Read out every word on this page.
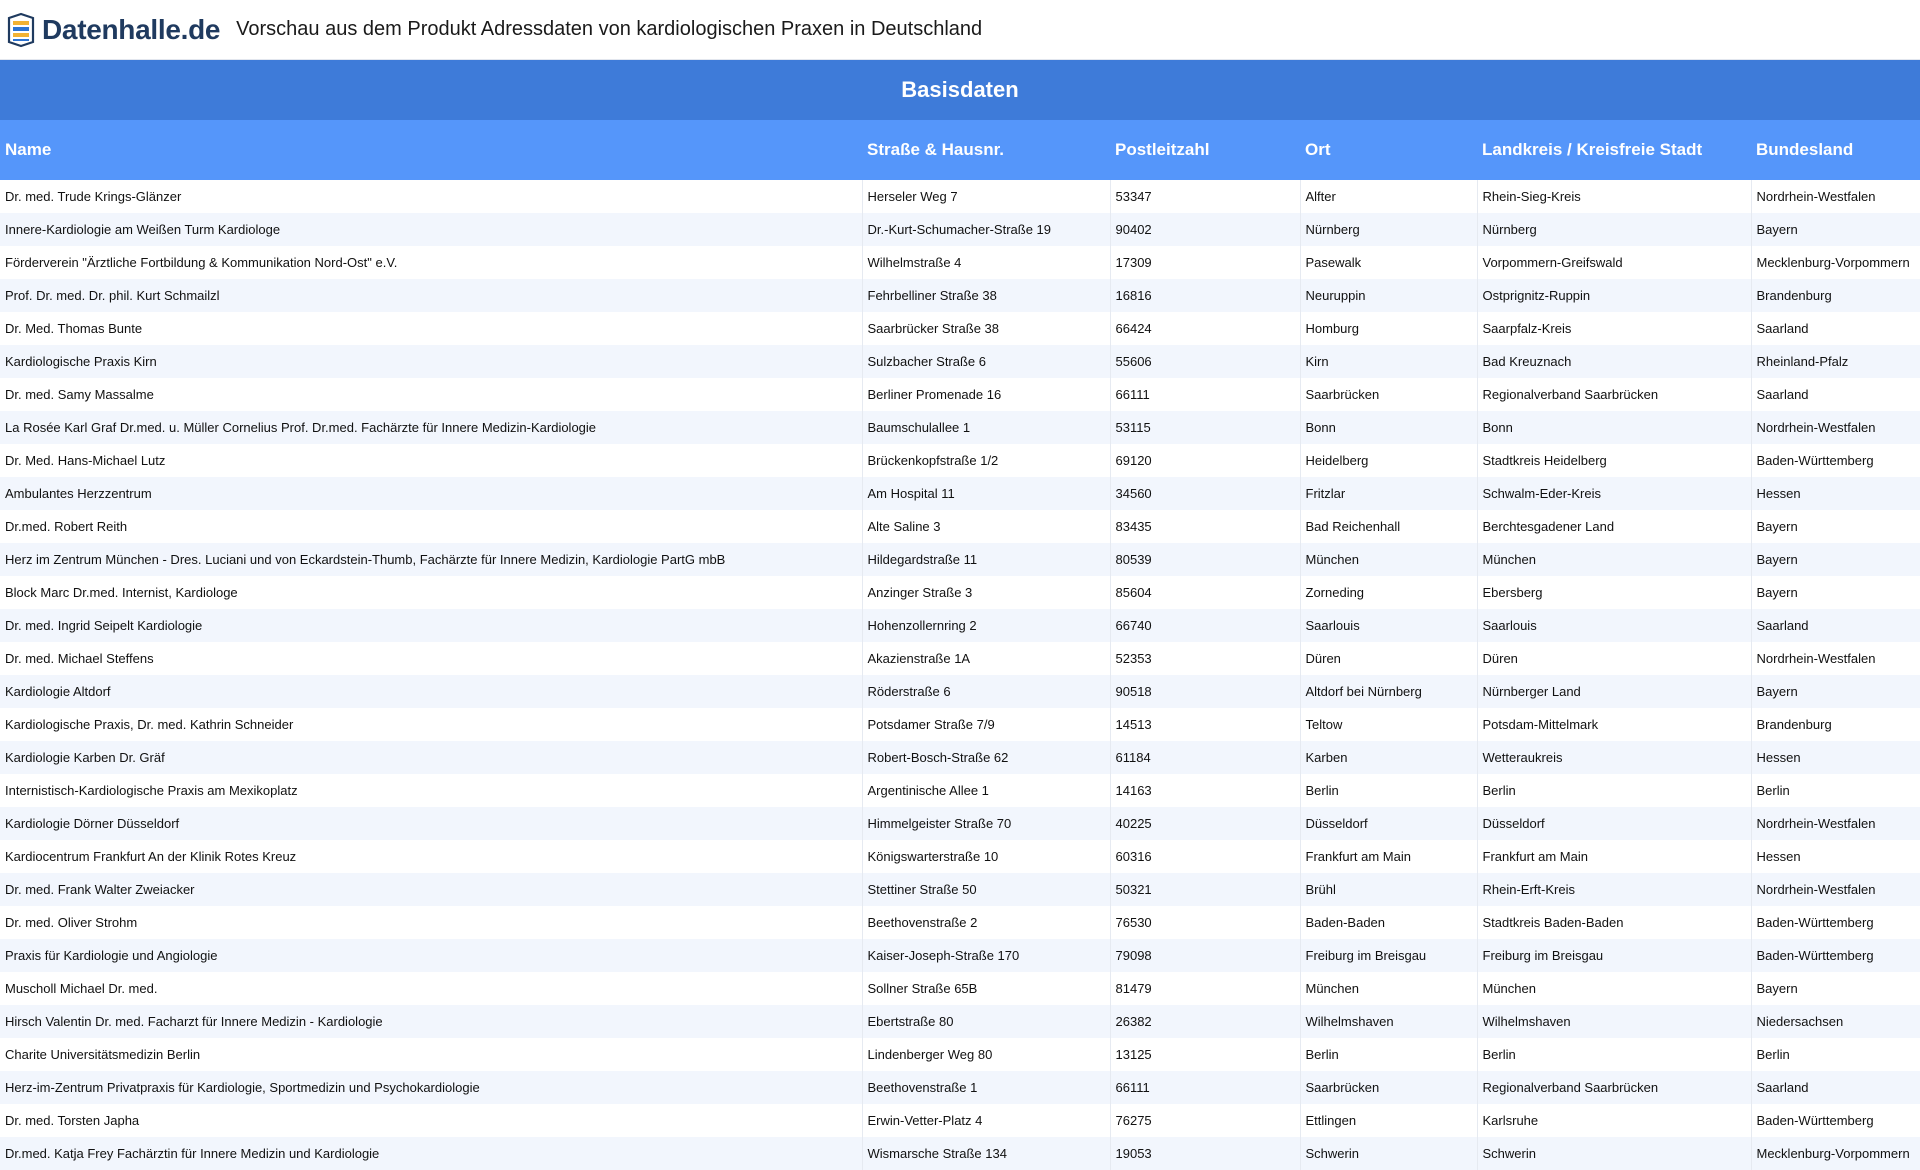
Datenhalle.de Vorschau aus dem Produkt Adressdaten von kardiologischen Praxen in Deutschland
Basisdaten
Name	Straße & Hausnr.	Postleitzahl	Ort	Landkreis / Kreisfreie Stadt	Bundesland
Dr. med. Trude Krings-Glänzer	Herseler Weg 7	53347	Alfter	Rhein-Sieg-Kreis	Nordrhein-Westfalen
Innere-Kardiologie am Weißen Turm Kardiologe	Dr.-Kurt-Schumacher-Straße 19	90402	Nürnberg	Nürnberg	Bayern
Förderverein "Ärztliche Fortbildung & Kommunikation Nord-Ost" e.V.	Wilhelmstraße 4	17309	Pasewalk	Vorpommern-Greifswald	Mecklenburg-Vorpommern
Prof. Dr. med. Dr. phil. Kurt Schmailzl	Fehrbelliner Straße 38	16816	Neuruppin	Ostprignitz-Ruppin	Brandenburg
Dr. Med. Thomas Bunte	Saarbrücker Straße 38	66424	Homburg	Saarpfalz-Kreis	Saarland
Kardiologische Praxis Kirn	Sulzbacher Straße 6	55606	Kirn	Bad Kreuznach	Rheinland-Pfalz
Dr. med. Samy Massalme	Berliner Promenade 16	66111	Saarbrücken	Regionalverband Saarbrücken	Saarland
La Rosée Karl Graf Dr.med. u. Müller Cornelius Prof. Dr.med. Fachärzte für Innere Medizin-Kardiologie	Baumschulallee 1	53115	Bonn	Bonn	Nordrhein-Westfalen
Dr. Med. Hans-Michael Lutz	Brückenkopfstraße 1/2	69120	Heidelberg	Stadtkreis Heidelberg	Baden-Württemberg
Ambulantes Herzzentrum	Am Hospital 11	34560	Fritzlar	Schwalm-Eder-Kreis	Hessen
Dr.med. Robert Reith	Alte Saline 3	83435	Bad Reichenhall	Berchtesgadener Land	Bayern
Herz im Zentrum München - Dres. Luciani und von Eckardstein-Thumb, Fachärzte für Innere Medizin, Kardiologie PartG mbB	Hildegardstraße 11	80539	München	München	Bayern
Block Marc Dr.med. Internist, Kardiologe	Anzinger Straße 3	85604	Zorneding	Ebersberg	Bayern
Dr. med. Ingrid Seipelt Kardiologie	Hohenzollernring 2	66740	Saarlouis	Saarlouis	Saarland
Dr. med. Michael Steffens	Akazienstraße 1A	52353	Düren	Düren	Nordrhein-Westfalen
Kardiologie Altdorf	Röderstraße 6	90518	Altdorf bei Nürnberg	Nürnberger Land	Bayern
Kardiologische Praxis, Dr. med. Kathrin Schneider	Potsdamer Straße 7/9	14513	Teltow	Potsdam-Mittelmark	Brandenburg
Kardiologie Karben Dr. Gräf	Robert-Bosch-Straße 62	61184	Karben	Wetteraukreis	Hessen
Internistisch-Kardiologische Praxis am Mexikoplatz	Argentinische Allee 1	14163	Berlin	Berlin	Berlin
Kardiologie Dörner Düsseldorf	Himmelgeister Straße 70	40225	Düsseldorf	Düsseldorf	Nordrhein-Westfalen
Kardiocentrum Frankfurt An der Klinik Rotes Kreuz	Königswarterstraße 10	60316	Frankfurt am Main	Frankfurt am Main	Hessen
Dr. med. Frank Walter Zweiacker	Stettiner Straße 50	50321	Brühl	Rhein-Erft-Kreis	Nordrhein-Westfalen
Dr. med. Oliver Strohm	Beethovenstraße 2	76530	Baden-Baden	Stadtkreis Baden-Baden	Baden-Württemberg
Praxis für Kardiologie und Angiologie	Kaiser-Joseph-Straße 170	79098	Freiburg im Breisgau	Freiburg im Breisgau	Baden-Württemberg
Muscholl Michael Dr. med.	Sollner Straße 65B	81479	München	München	Bayern
Hirsch Valentin Dr. med. Facharzt für Innere Medizin - Kardiologie	Ebertstraße 80	26382	Wilhelmshaven	Wilhelmshaven	Niedersachsen
Charite Universitätsmedizin Berlin	Lindenberger Weg 80	13125	Berlin	Berlin	Berlin
Herz-im-Zentrum Privatpraxis für Kardiologie, Sportmedizin und Psychokardiologie	Beethovenstraße 1	66111	Saarbrücken	Regionalverband Saarbrücken	Saarland
Dr. med. Torsten Japha	Erwin-Vetter-Platz 4	76275	Ettlingen	Karlsruhe	Baden-Württemberg
Dr.med. Katja Frey Fachärztin für Innere Medizin und Kardiologie	Wismarsche Straße 134	19053	Schwerin	Schwerin	Mecklenburg-Vorpommern
